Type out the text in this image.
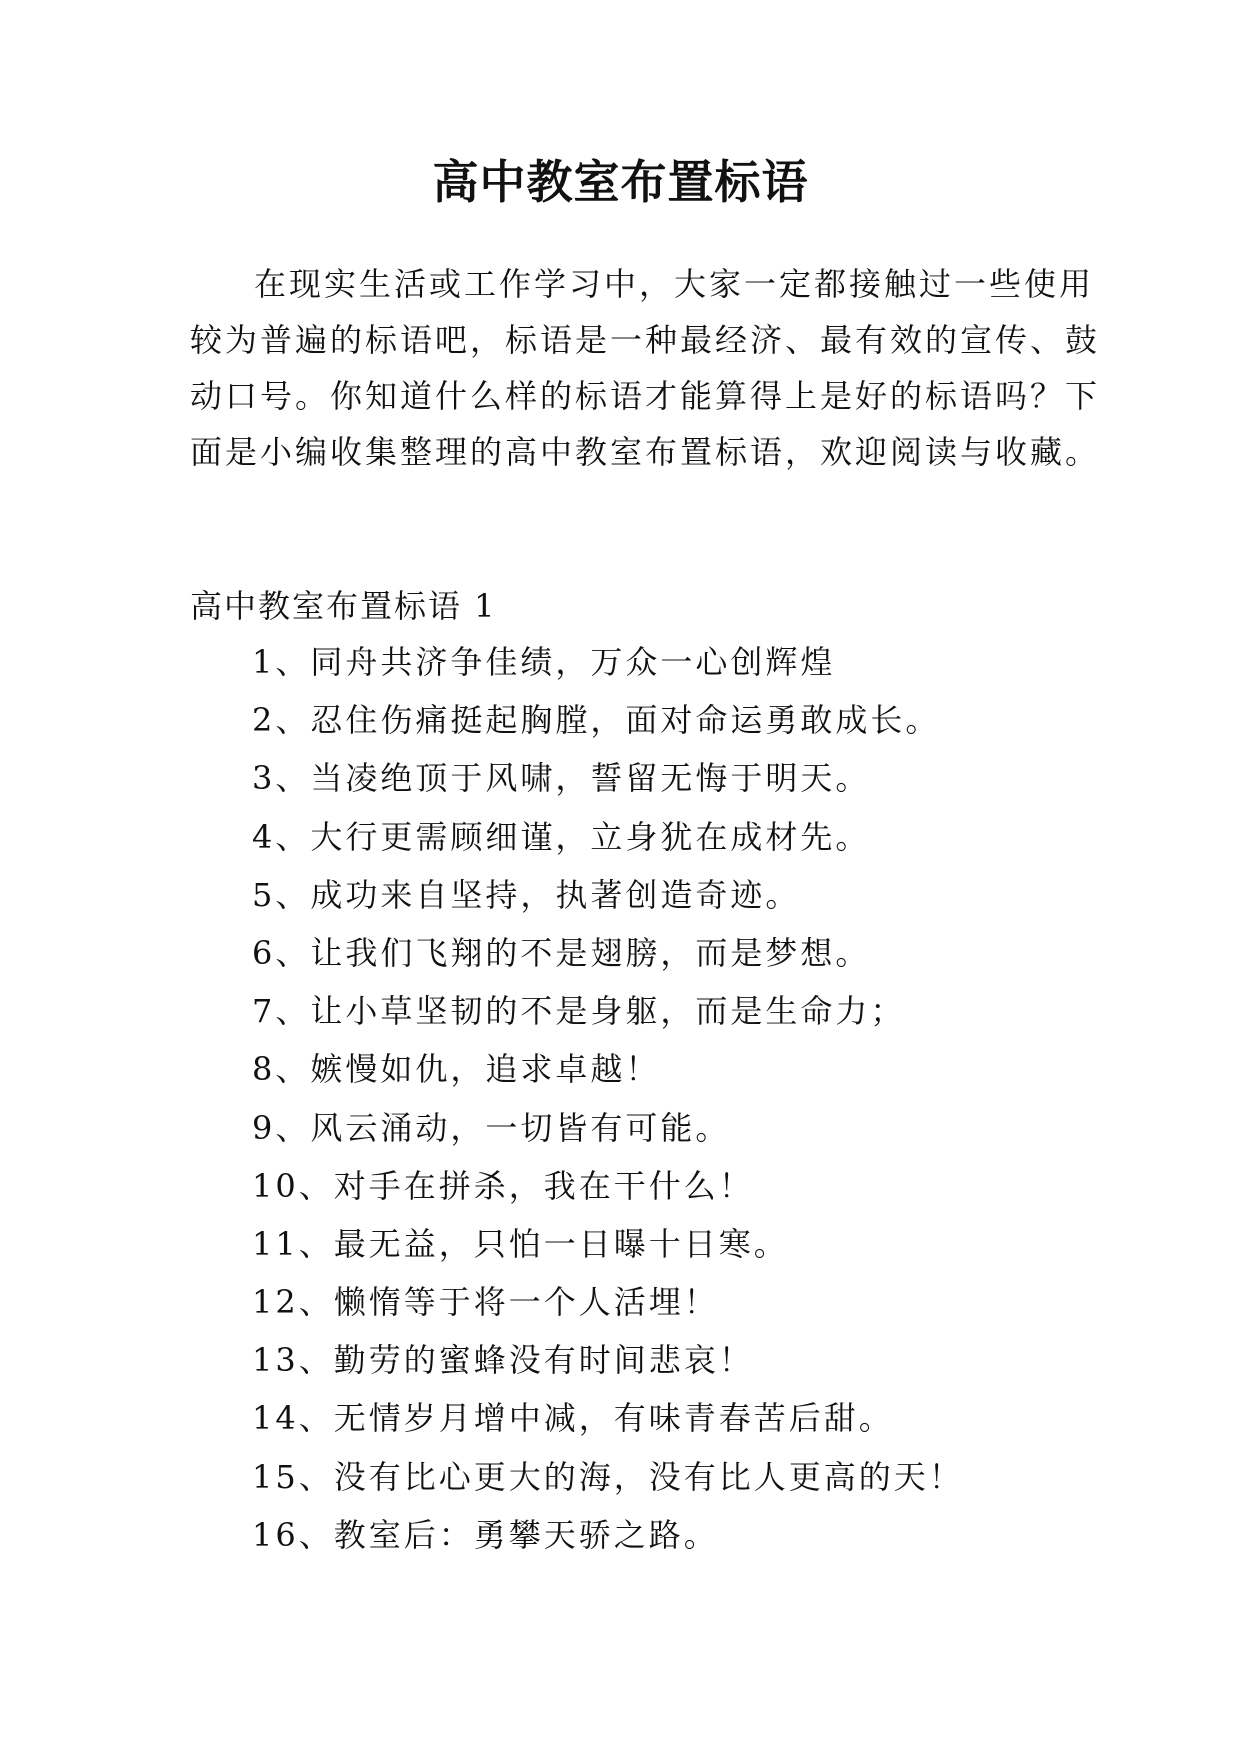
高中教室布置标语
在现实生活或工作学习中，大家一定都接触过一些使用
较为普遍的标语吧，标语是一种最经济、最有效的宣传、鼓
动口号。你知道什么样的标语才能算得上是好的标语吗？下
面是小编收集整理的高中教室布置标语，欢迎阅读与收藏。
高中教室布置标语 1
1、同舟共济争佳绩，万众一心创辉煌
2、忍住伤痛挺起胸膛，面对命运勇敢成长。
3、当凌绝顶于风啸，誓留无悔于明天。
4、大行更需顾细谨，立身犹在成材先。
5、成功来自坚持，执著创造奇迹。
6、让我们飞翔的不是翅膀，而是梦想。
7、让小草坚韧的不是身躯，而是生命力；
8、嫉慢如仇，追求卓越！
9、风云涌动，一切皆有可能。
10、对手在拼杀，我在干什么！
11、最无益，只怕一日曝十日寒。
12、懒惰等于将一个人活埋！
13、勤劳的蜜蜂没有时间悲哀！
14、无情岁月增中减，有味青春苦后甜。
15、没有比心更大的海，没有比人更高的天！
16、教室后：勇攀天骄之路。
